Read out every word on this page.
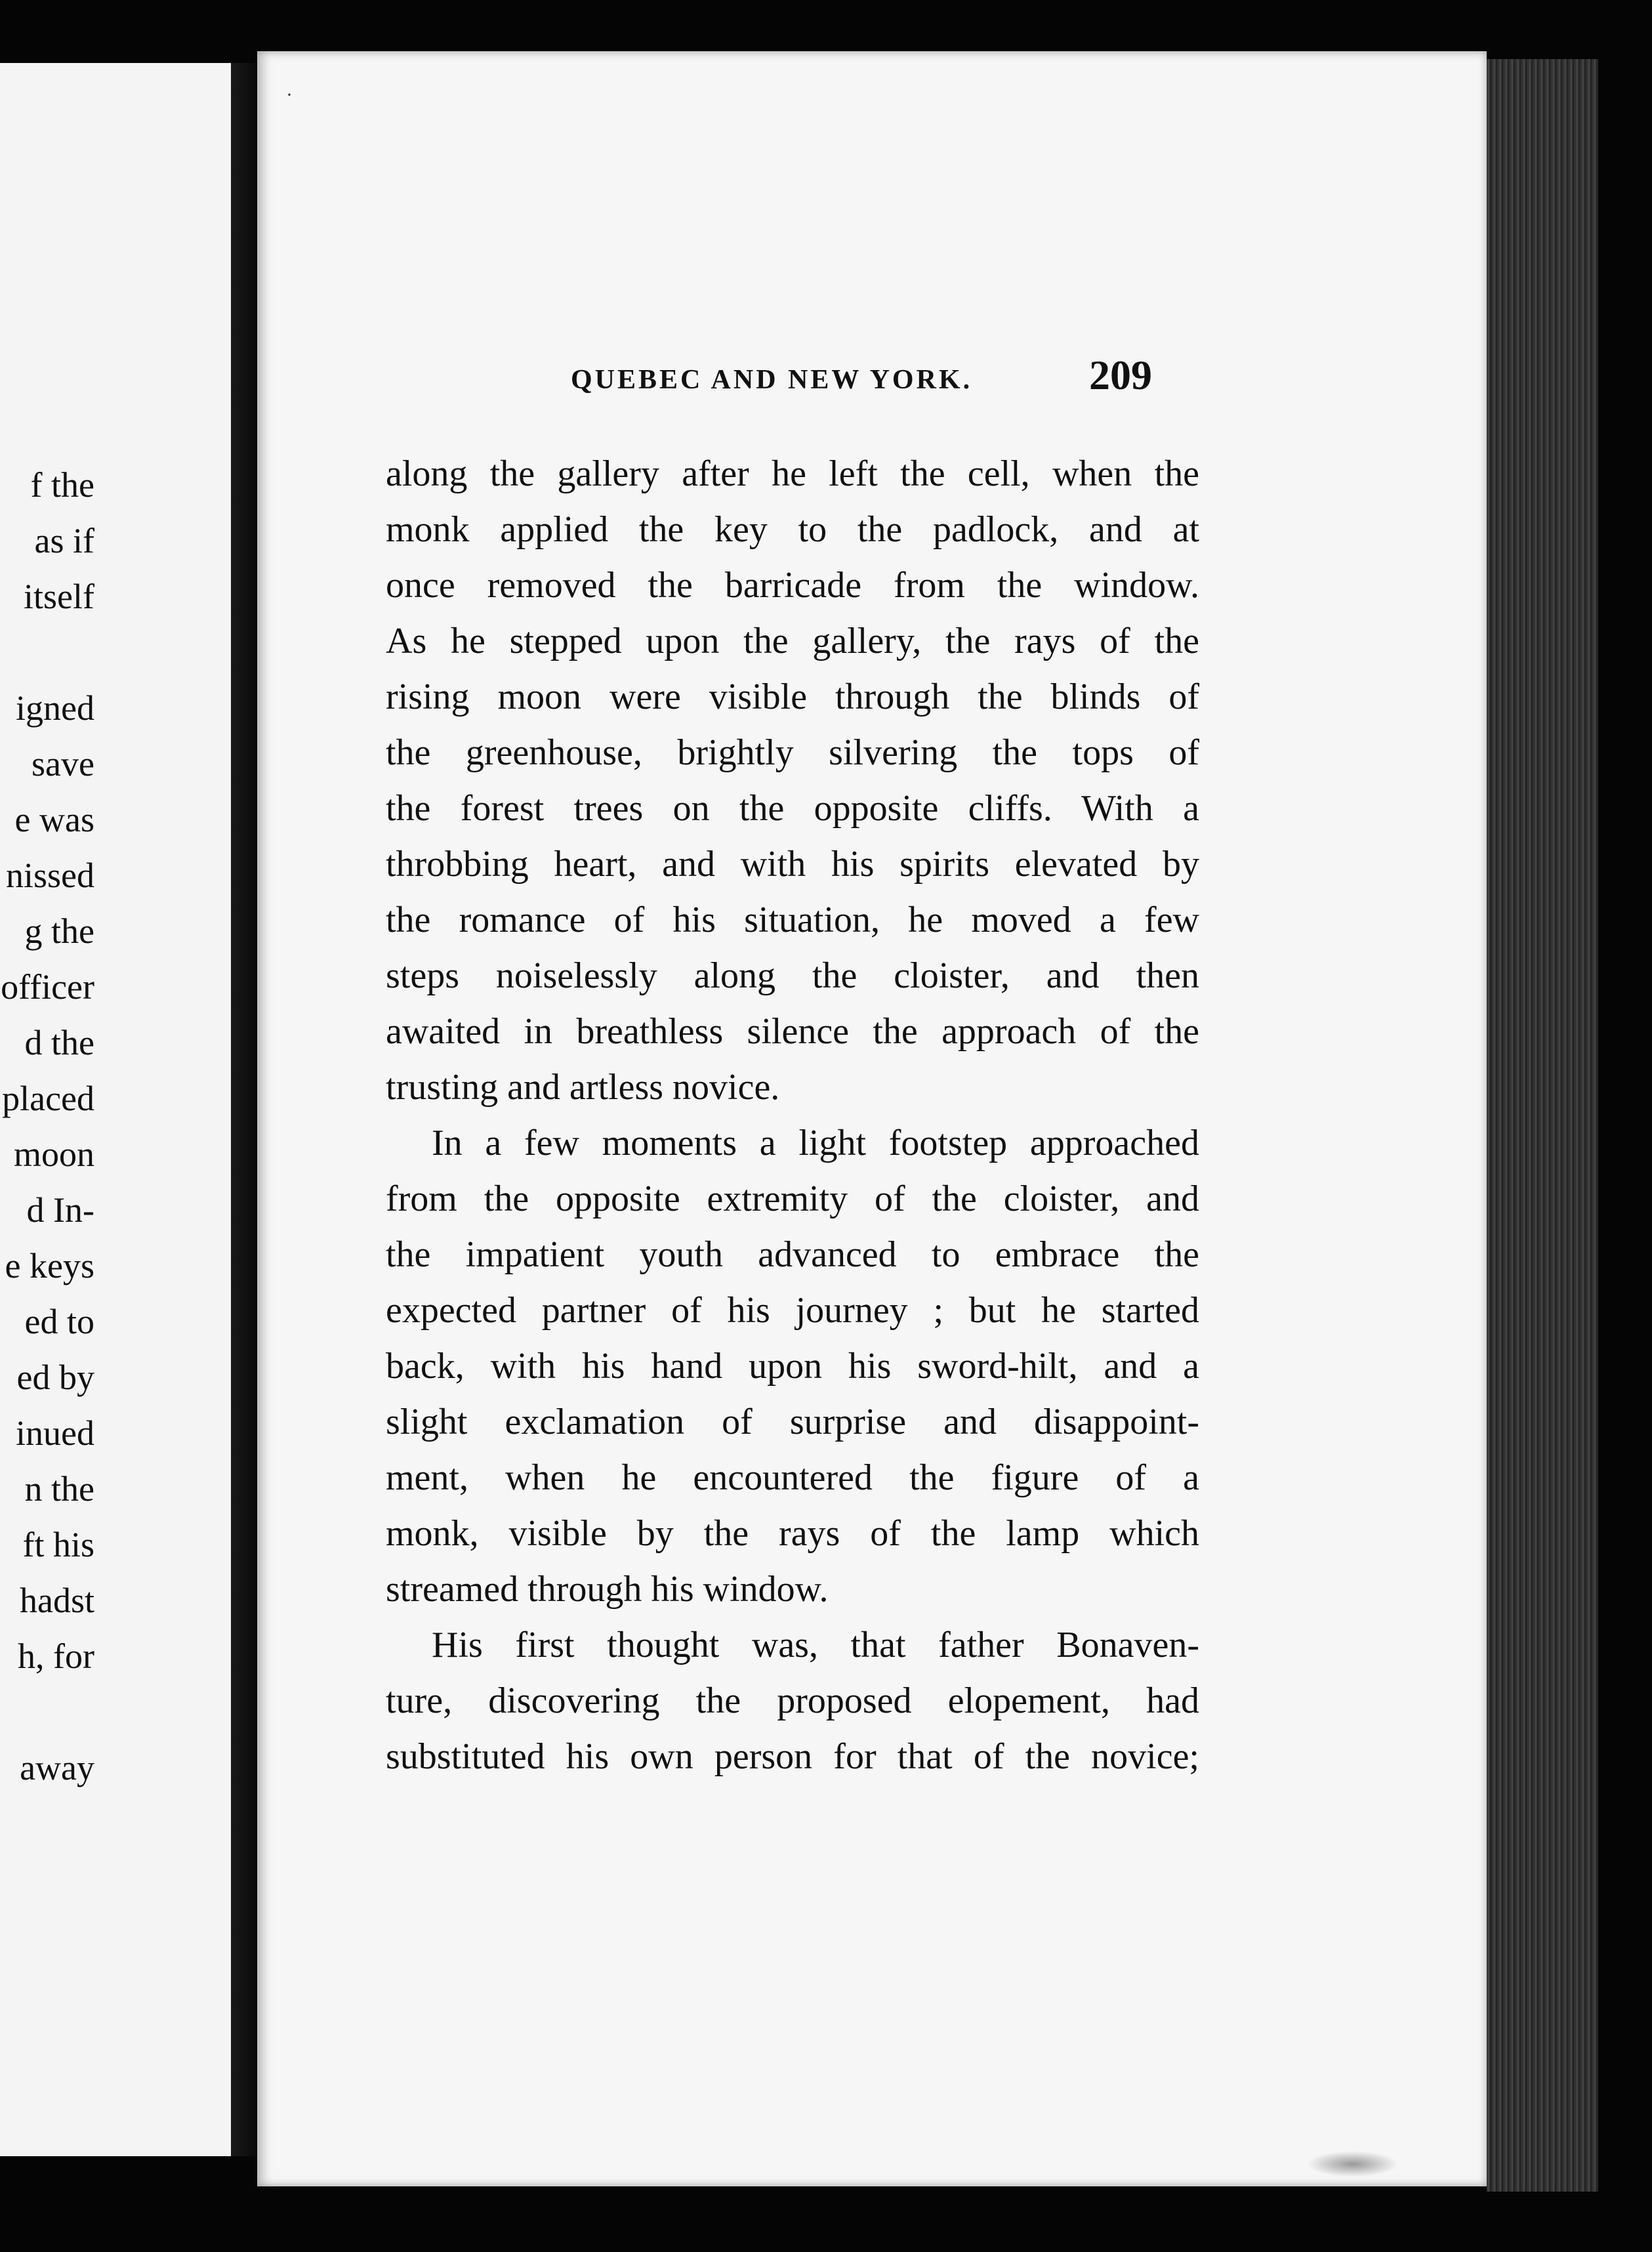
f the
as if
itself
igned
save
e was
nissed
g the
officer
d the
placed
moon
d In-
e keys
ed to
ed by
inued
n the
ft his
hadst
h, for
away
·
QUEBEC AND NEW YORK.	209
along the gallery after he left the cell, when the
monk applied the key to the padlock, and at
once removed the barricade from the window.
As he stepped upon the gallery, the rays of the
rising moon were visible through the blinds of
the greenhouse, brightly silvering the tops of
the forest trees on the opposite cliffs. With a
throbbing heart, and with his spirits elevated by
the romance of his situation, he moved a few
steps noiselessly along the cloister, and then
awaited in breathless silence the approach of the
trusting and artless novice.
In a few moments a light footstep approached
from the opposite extremity of the cloister, and
the impatient youth advanced to embrace the
expected partner of his journey ; but he started
back, with his hand upon his sword-hilt, and a
slight exclamation of surprise and disappoint-
ment, when he encountered the figure of a
monk, visible by the rays of the lamp which
streamed through his window.
His first thought was, that father Bonaven-
ture, discovering the proposed elopement, had
substituted his own person for that of the novice;
